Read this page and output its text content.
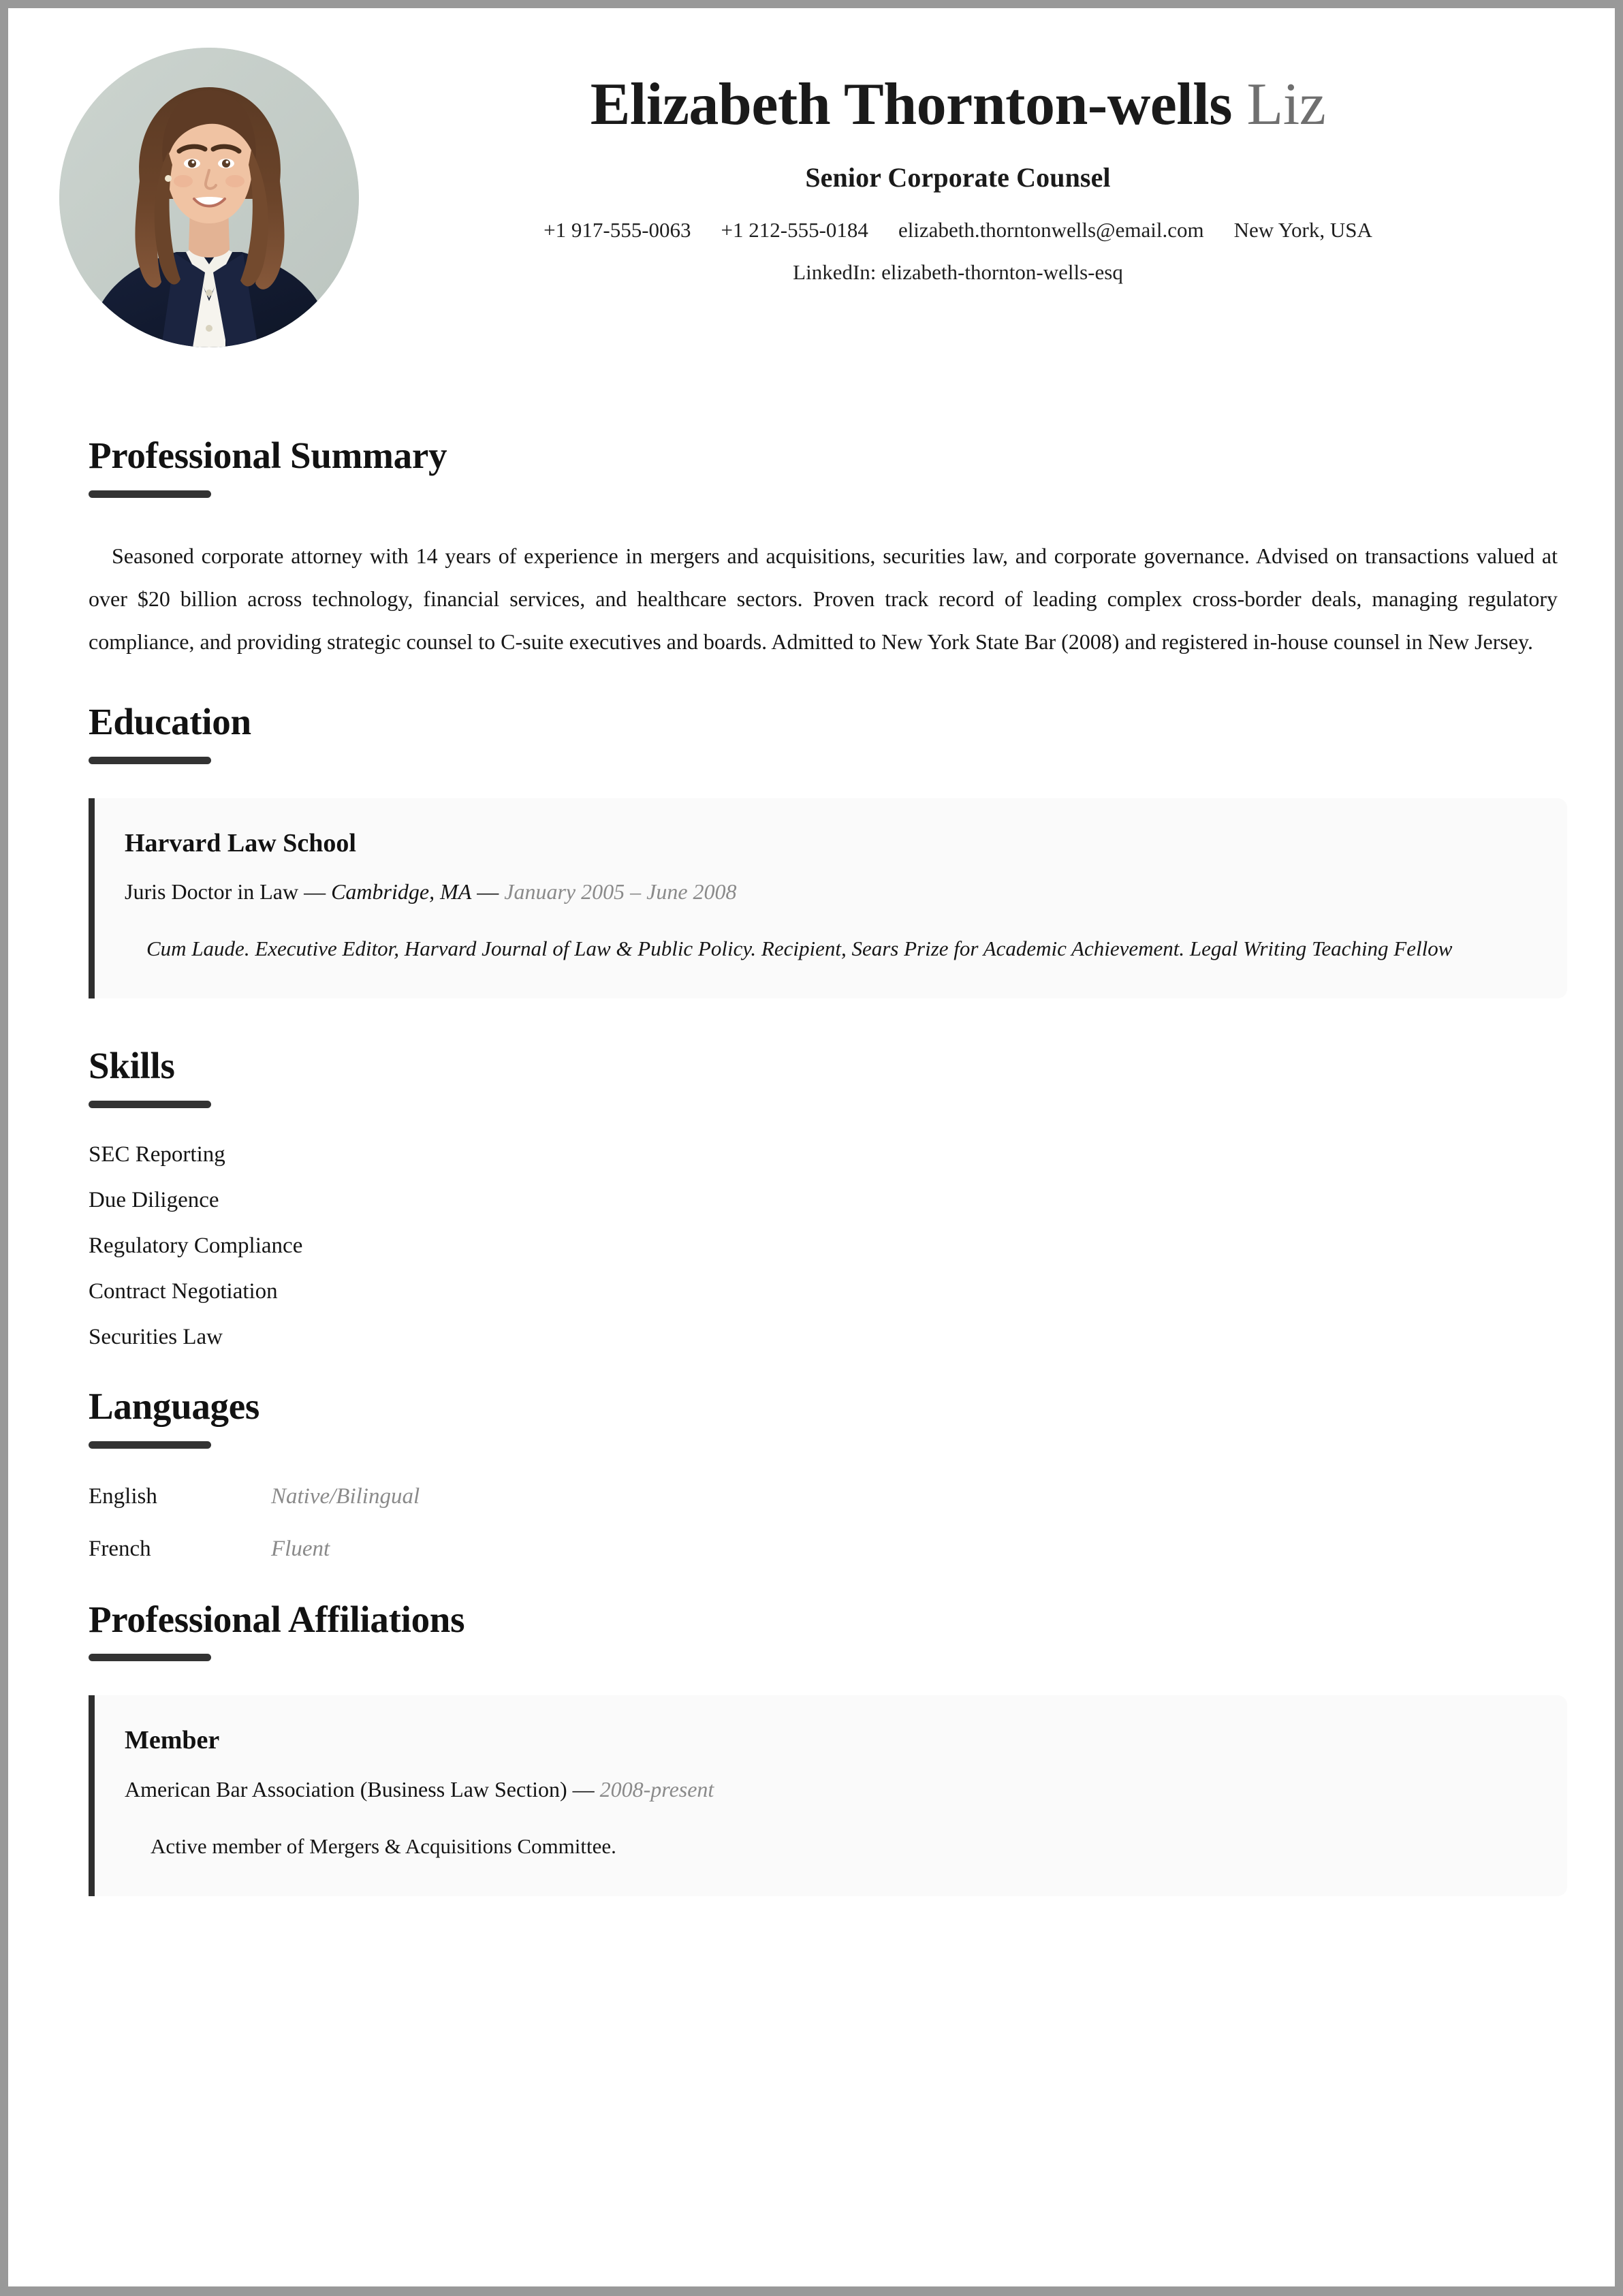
Elizabeth Thornton-wells Liz
Senior Corporate Counsel
+1 917-555-0063 +1 212-555-0184 elizabeth.thorntonwells@email.com New York, USA
LinkedIn: elizabeth-thornton-wells-esq
Professional Summary
Seasoned corporate attorney with 14 years of experience in mergers and acquisitions, securities law, and corporate governance. Advised on transactions valued at over $20 billion across technology, financial services, and healthcare sectors. Proven track record of leading complex cross-border deals, managing regulatory compliance, and providing strategic counsel to C-suite executives and boards. Admitted to New York State Bar (2008) and registered in-house counsel in New Jersey.
Education
Harvard Law School
Juris Doctor in Law — Cambridge, MA — January 2005 – June 2008
Cum Laude. Executive Editor, Harvard Journal of Law & Public Policy. Recipient, Sears Prize for Academic Achievement. Legal Writing Teaching Fellow
Skills
SEC Reporting
Due Diligence
Regulatory Compliance
Contract Negotiation
Securities Law
Languages
English	Native/Bilingual
French	Fluent
Professional Affiliations
Member
American Bar Association (Business Law Section) — 2008-present
Active member of Mergers & Acquisitions Committee.
